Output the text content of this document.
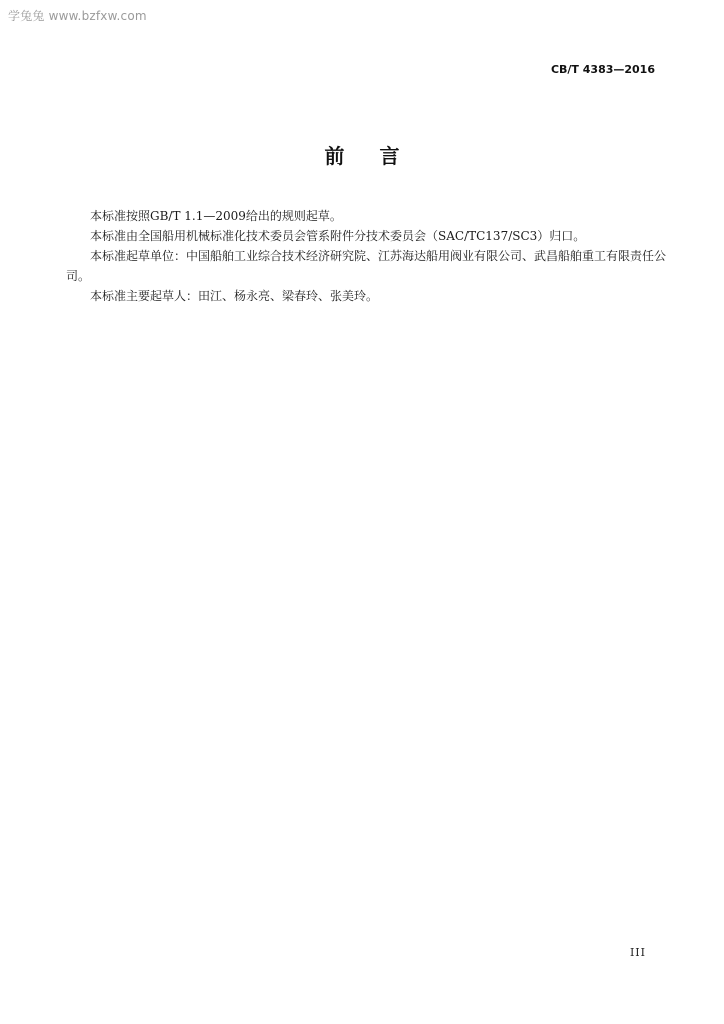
学兔兔 www.bzfxw.com
CB/T 4383—2016
前 言

本标准按照GB/T 1.1—2009给出的规则起草。

本标准由全国船用机械标准化技术委员会管系附件分技术委员会（SAC/TC137/SC3）归口。

本标准起草单位：中国船舶工业综合技术经济研究院、江苏海达船用阀业有限公司、武昌船舶重工有限责任公司。

本标准主要起草人：田江、杨永亮、梁春玲、张美玲。

III
